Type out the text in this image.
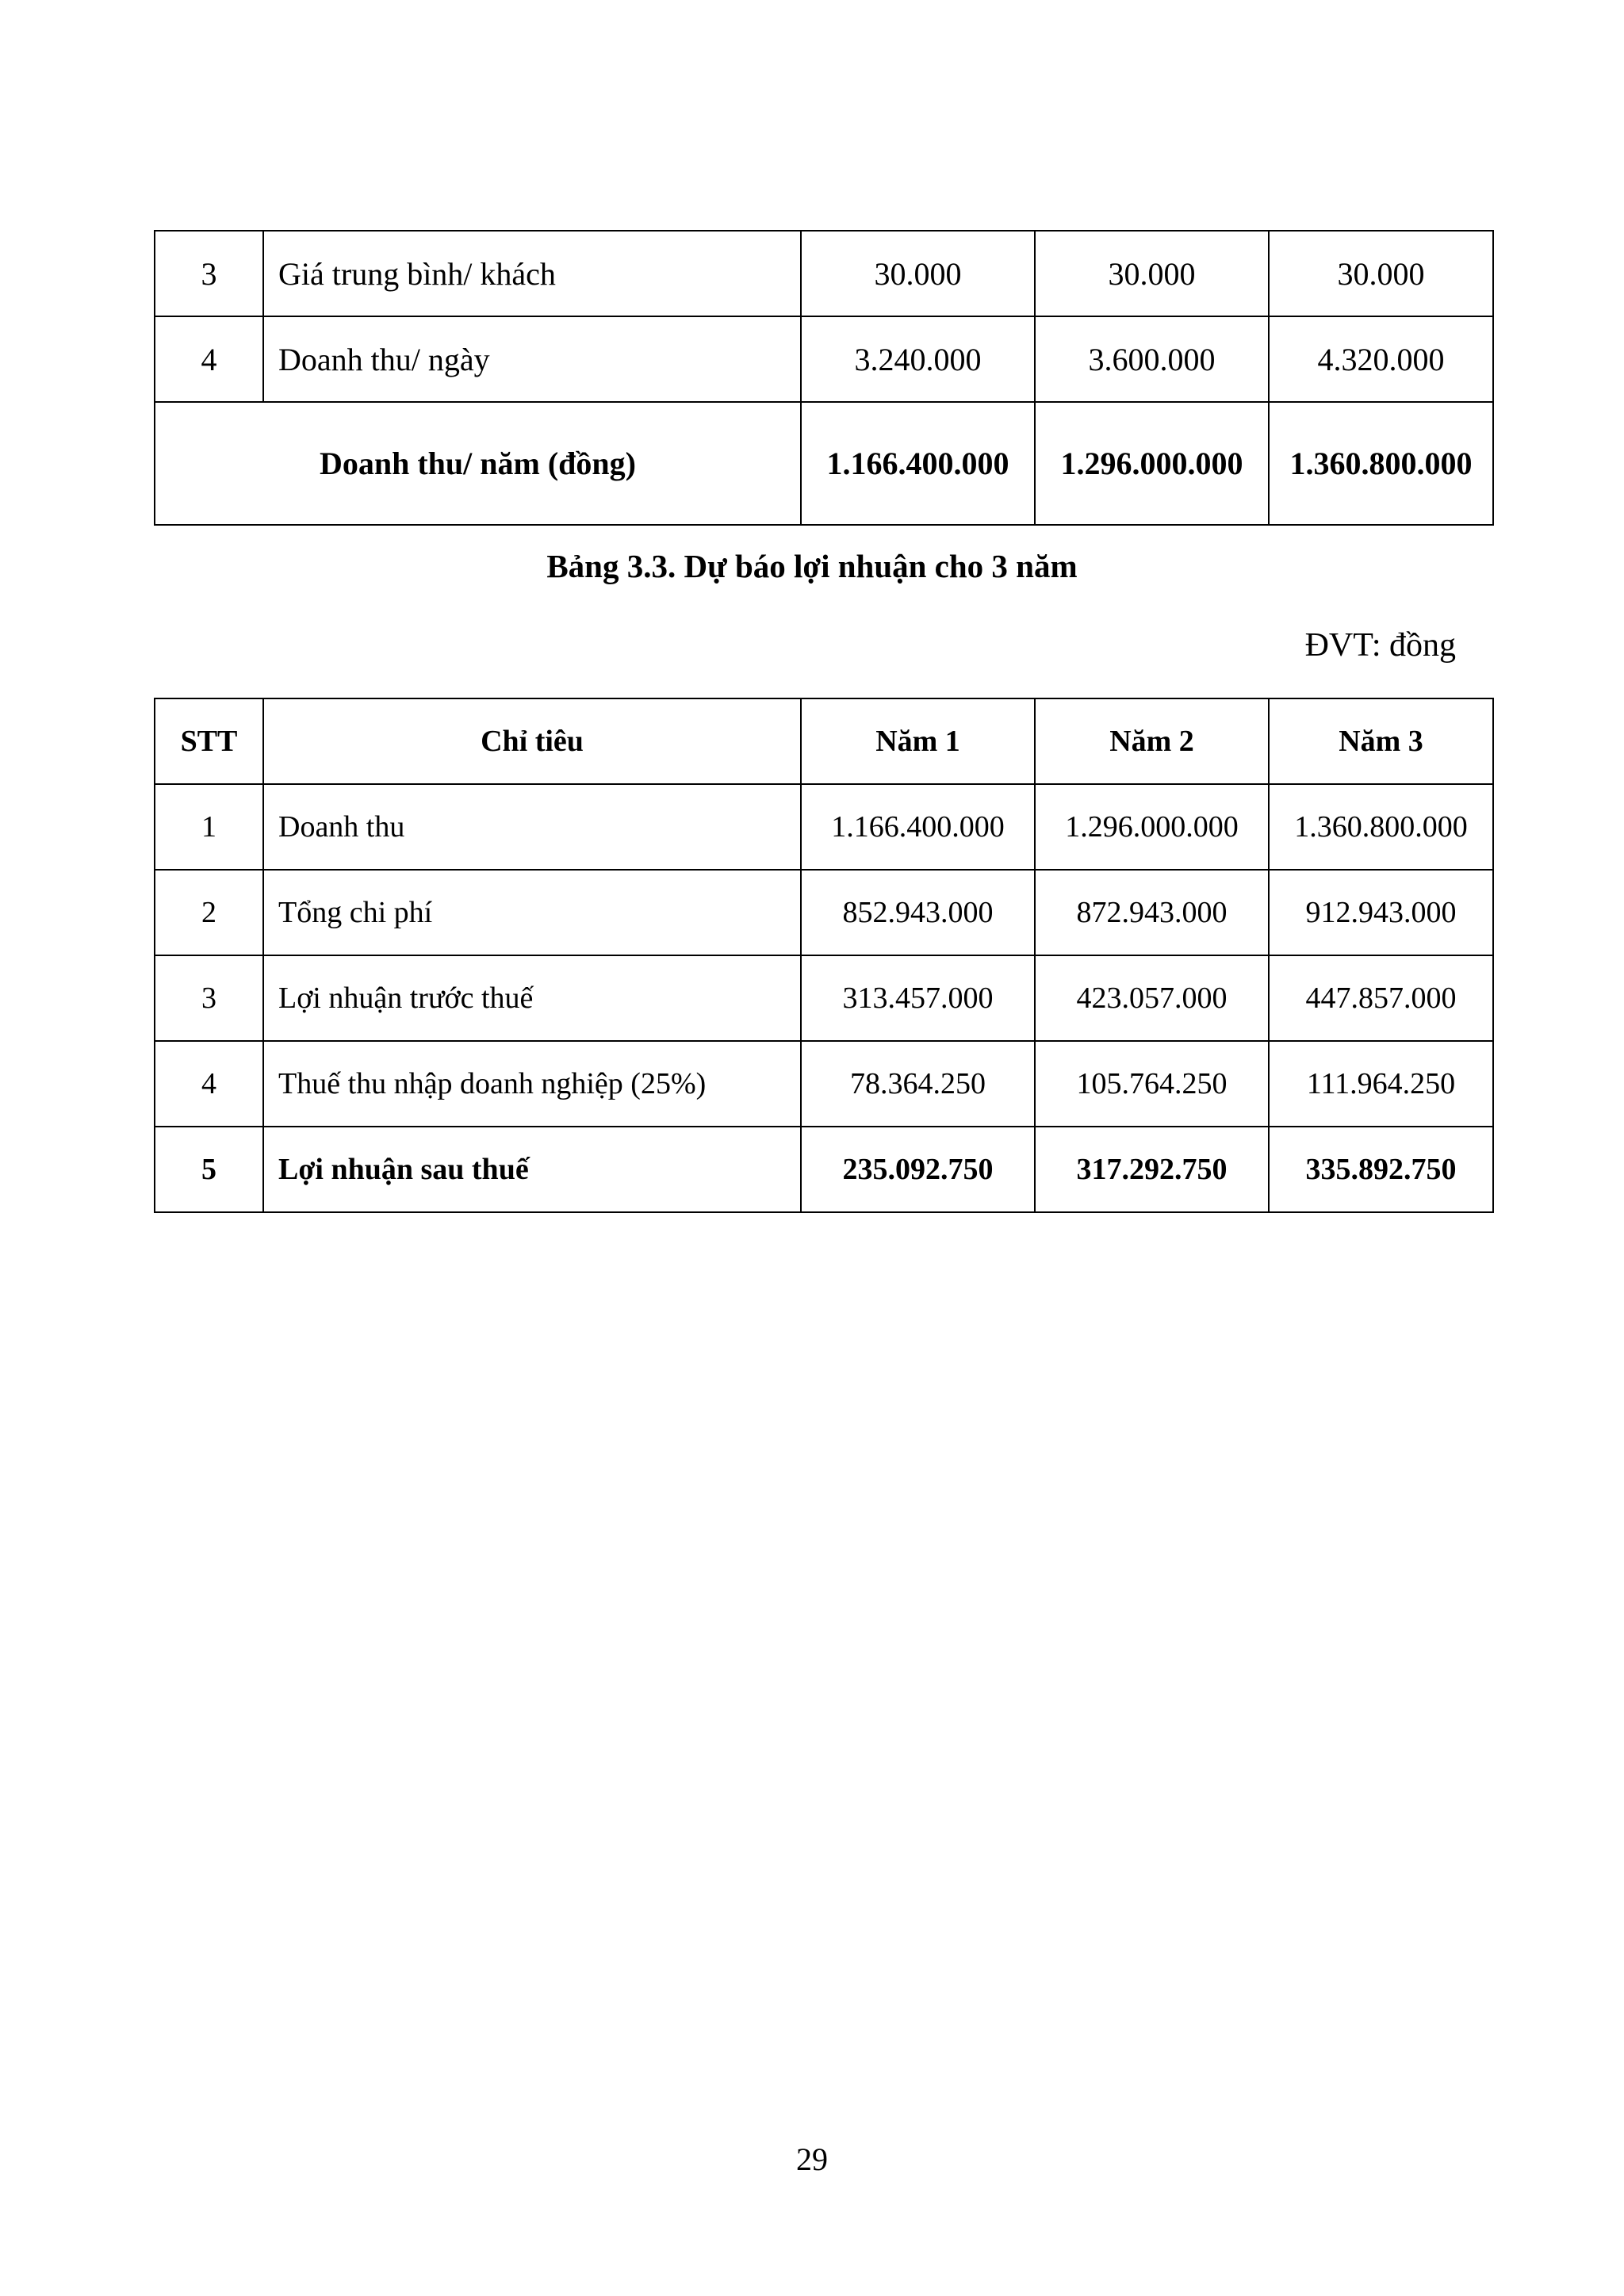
3	Giá trung bình/ khách	30.000	30.000	30.000
4	Doanh thu/ ngày	3.240.000	3.600.000	4.320.000
Doanh thu/ năm (đồng)		1.166.400.000	1.296.000.000	1.360.800.000
Bảng 3.3. Dự báo lợi nhuận cho 3 năm
ĐVT: đồng
STT	Chỉ tiêu	Năm 1	Năm 2	Năm 3
1	Doanh thu	1.166.400.000	1.296.000.000	1.360.800.000
2	Tổng chi phí	852.943.000	872.943.000	912.943.000
3	Lợi nhuận trước thuế	313.457.000	423.057.000	447.857.000
4	Thuế thu nhập doanh nghiệp (25%)	78.364.250	105.764.250	111.964.250
5	Lợi nhuận sau thuế	235.092.750	317.292.750	335.892.750
29
